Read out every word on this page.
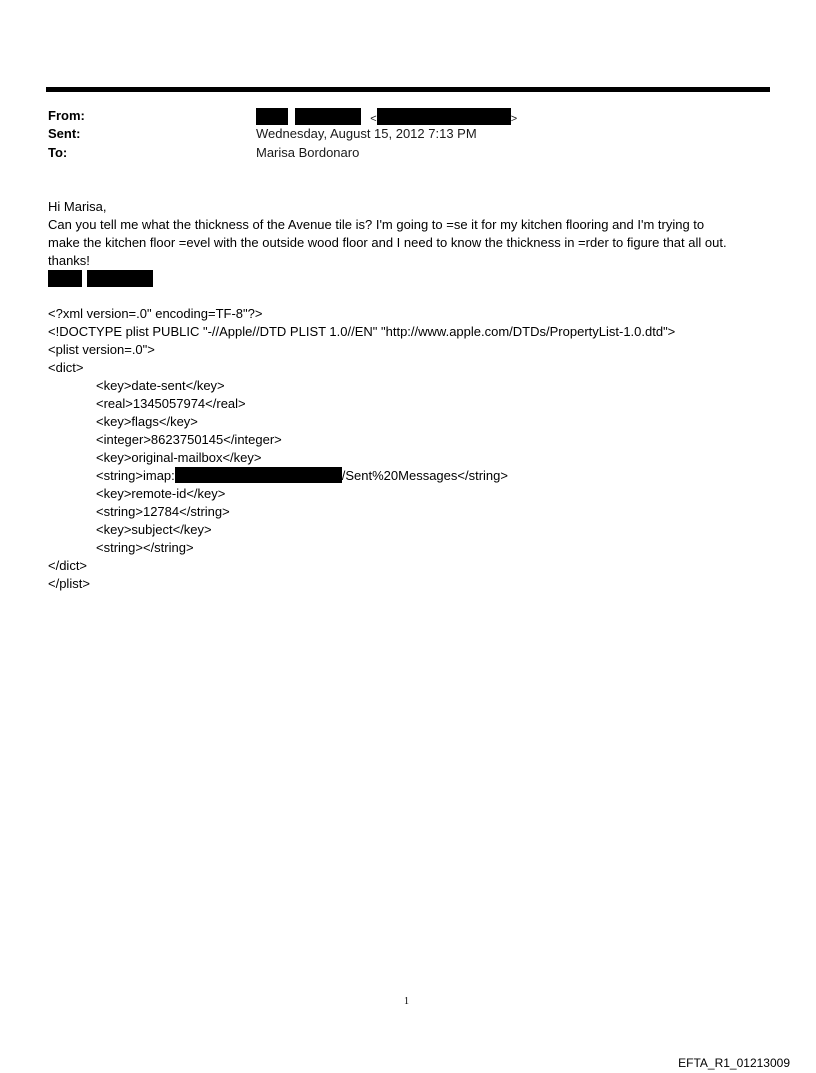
From:	<	>
Sent:	Wednesday, August 15, 2012 7:13 PM
To:	Marisa Bordonaro
Hi Marisa,
Can you tell me what the thickness of the Avenue tile is? I'm going to =se it for my kitchen flooring and I'm trying to
make the kitchen floor =evel with the outside wood floor and I need to know the thickness in =rder to figure that all out.
thanks!

<?xml version=.0" encoding=TF-8"?>
<!DOCTYPE plist PUBLIC "-//Apple//DTD PLIST 1.0//EN" "http://www.apple.com/DTDs/PropertyList-1.0.dtd">
<plist version=.0">
<dict>
<key>date-sent</key>
<real>1345057974</real>
<key>flags</key>
<integer>8623750145</integer>
<key>original-mailbox</key>
<string>imap:	/Sent%20Messages</string>
<key>remote-id</key>
<string>12784</string>
<key>subject</key>
<string></string>
</dict>
</plist>
1
EFTA_R1_01213009
